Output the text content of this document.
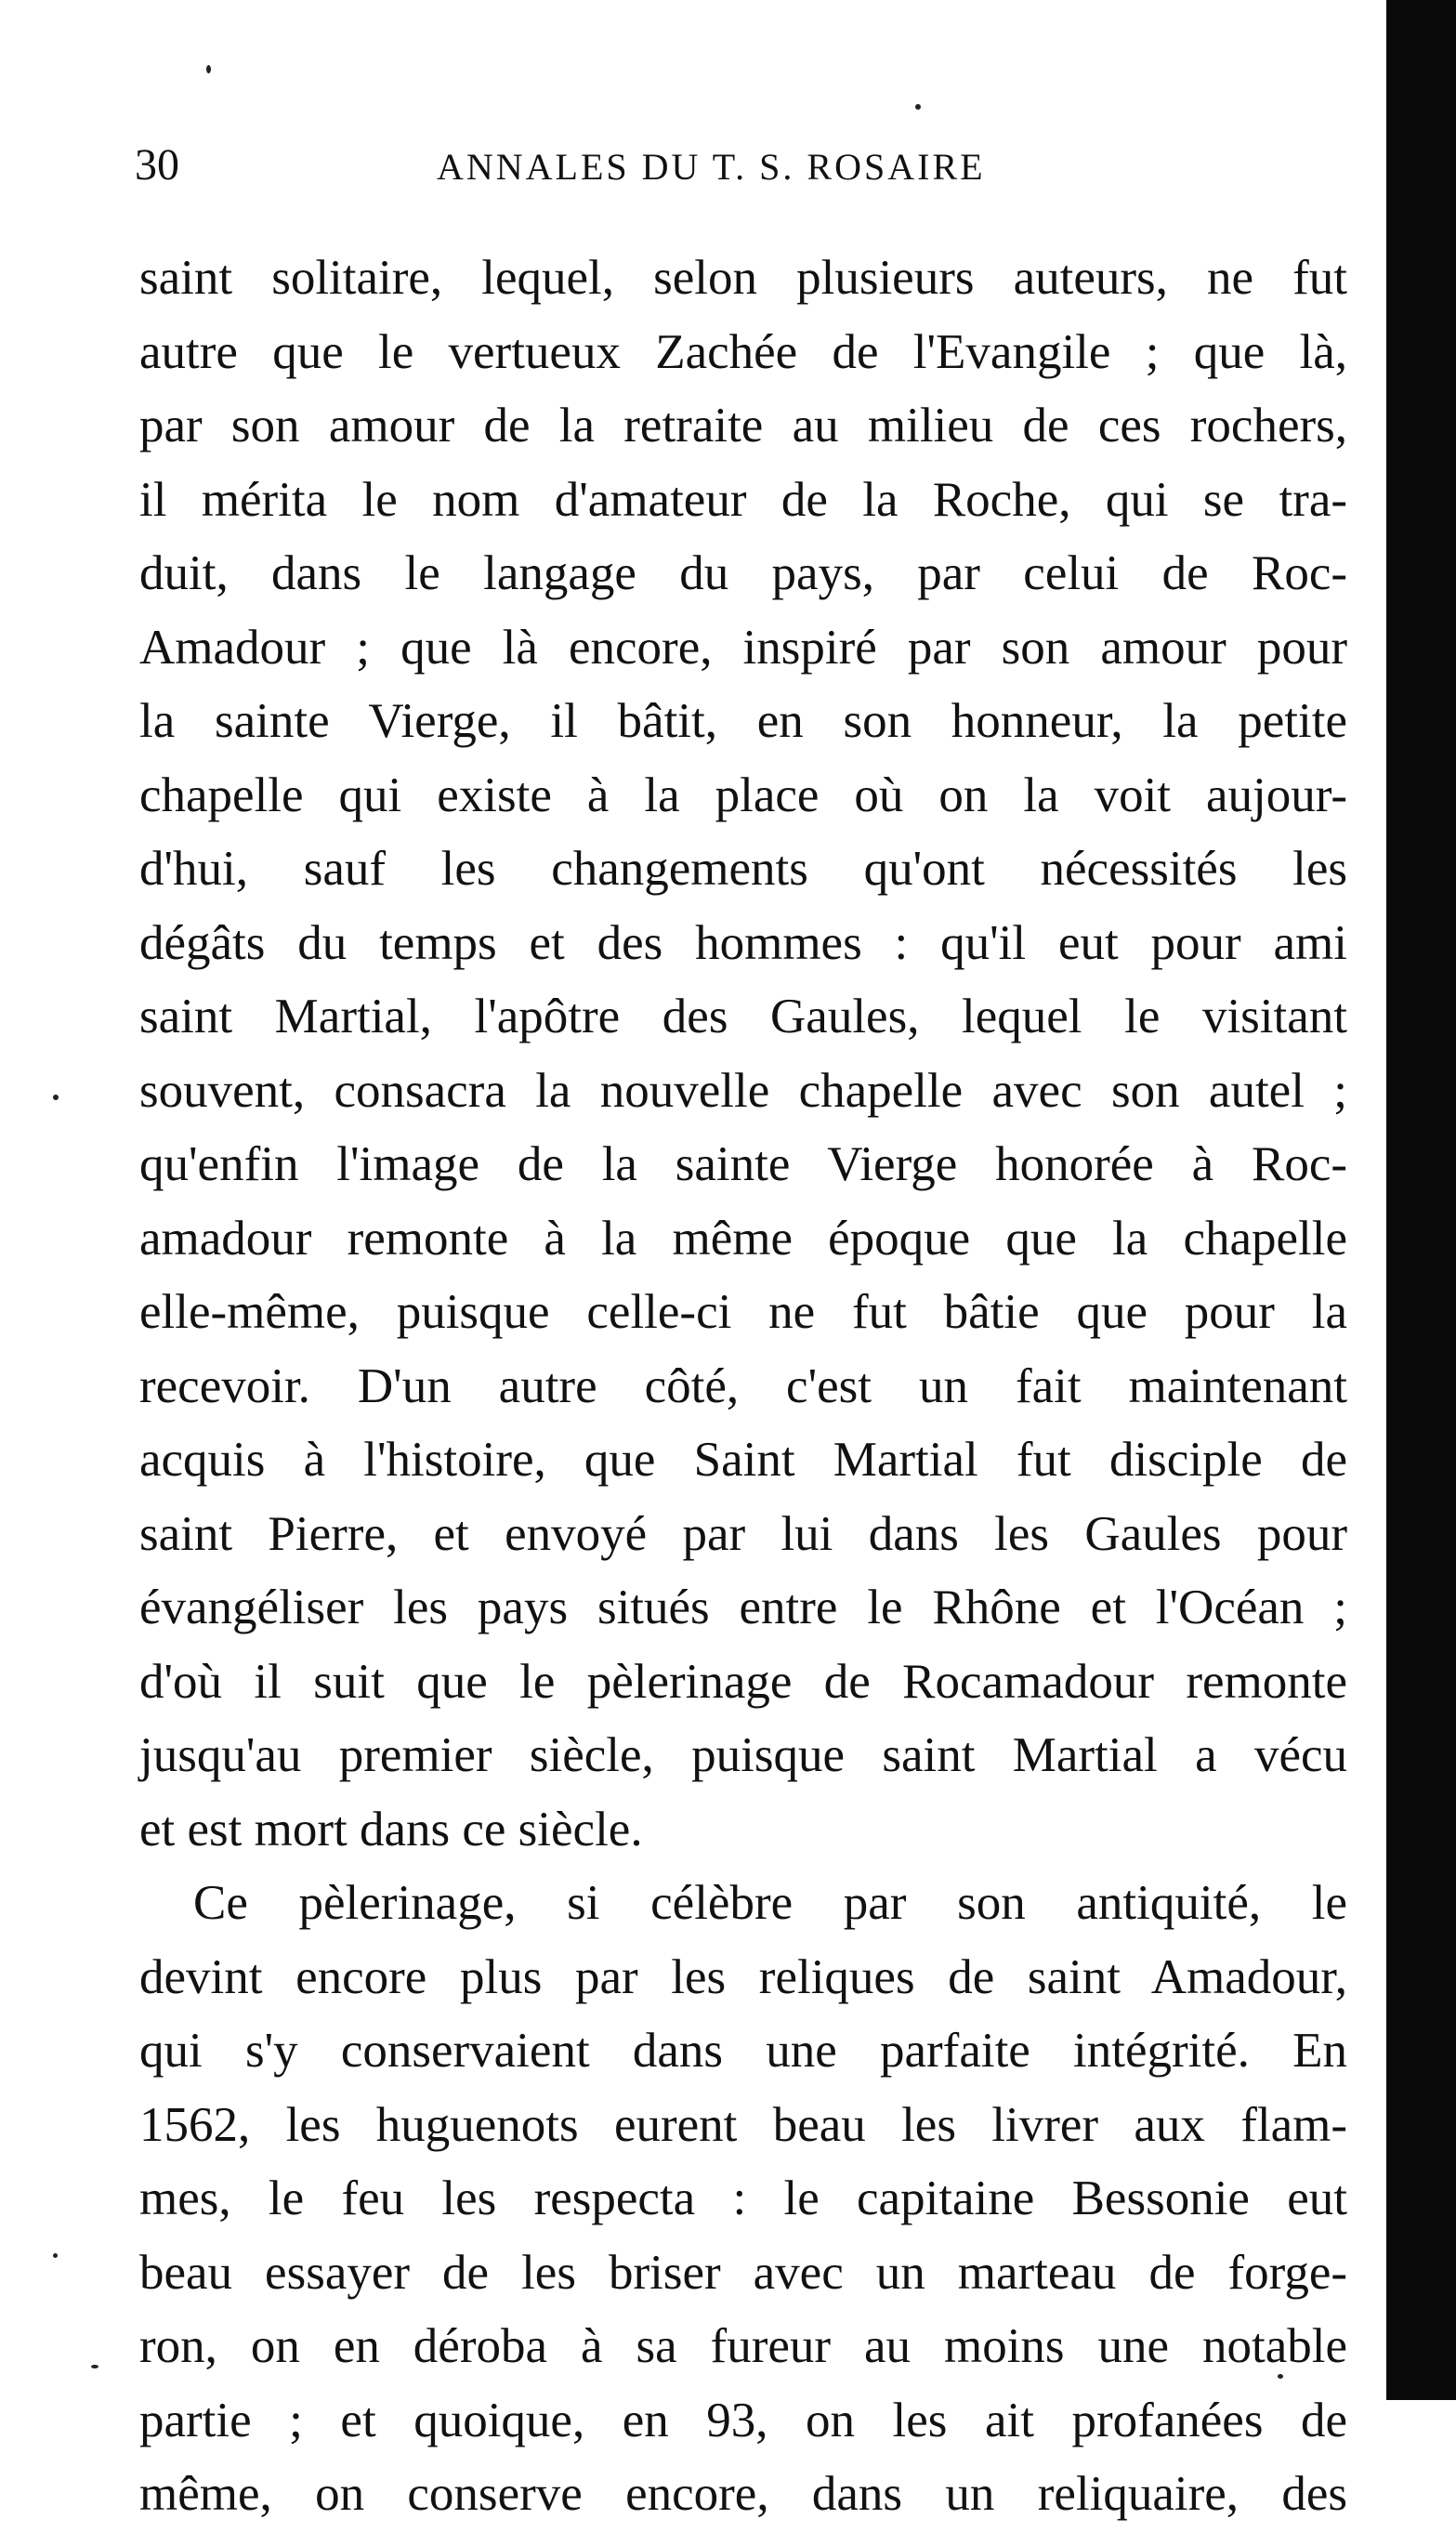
30	ANNALES DU T. S. ROSAIRE
saint solitaire, lequel, selon plusieurs auteurs, ne fut
autre que le vertueux Zachée de l'Evangile ; que là,
par son amour de la retraite au milieu de ces rochers,
il mérita le nom d'amateur de la Roche, qui se tra-
duit, dans le langage du pays, par celui de Roc-
Amadour ; que là encore, inspiré par son amour pour
la sainte Vierge, il bâtit, en son honneur, la petite
chapelle qui existe à la place où on la voit aujour-
d'hui, sauf les changements qu'ont nécessités les
dégâts du temps et des hommes : qu'il eut pour ami
saint Martial, l'apôtre des Gaules, lequel le visitant
souvent, consacra la nouvelle chapelle avec son autel ;
qu'enfin l'image de la sainte Vierge honorée à Roc-
amadour remonte à la même époque que la chapelle
elle-même, puisque celle-ci ne fut bâtie que pour la
recevoir. D'un autre côté, c'est un fait maintenant
acquis à l'histoire, que Saint Martial fut disciple de
saint Pierre, et envoyé par lui dans les Gaules pour
évangéliser les pays situés entre le Rhône et l'Océan ;
d'où il suit que le pèlerinage de Rocamadour remonte
jusqu'au premier siècle, puisque saint Martial a vécu
et est mort dans ce siècle.
Ce pèlerinage, si célèbre par son antiquité, le
devint encore plus par les reliques de saint Amadour,
qui s'y conservaient dans une parfaite intégrité. En
1562, les huguenots eurent beau les livrer aux flam-
mes, le feu les respecta : le capitaine Bessonie eut
beau essayer de les briser avec un marteau de forge-
ron, on en déroba à sa fureur au moins une notable
partie ; et quoique, en 93, on les ait profanées de
même, on conserve encore, dans un reliquaire, des
